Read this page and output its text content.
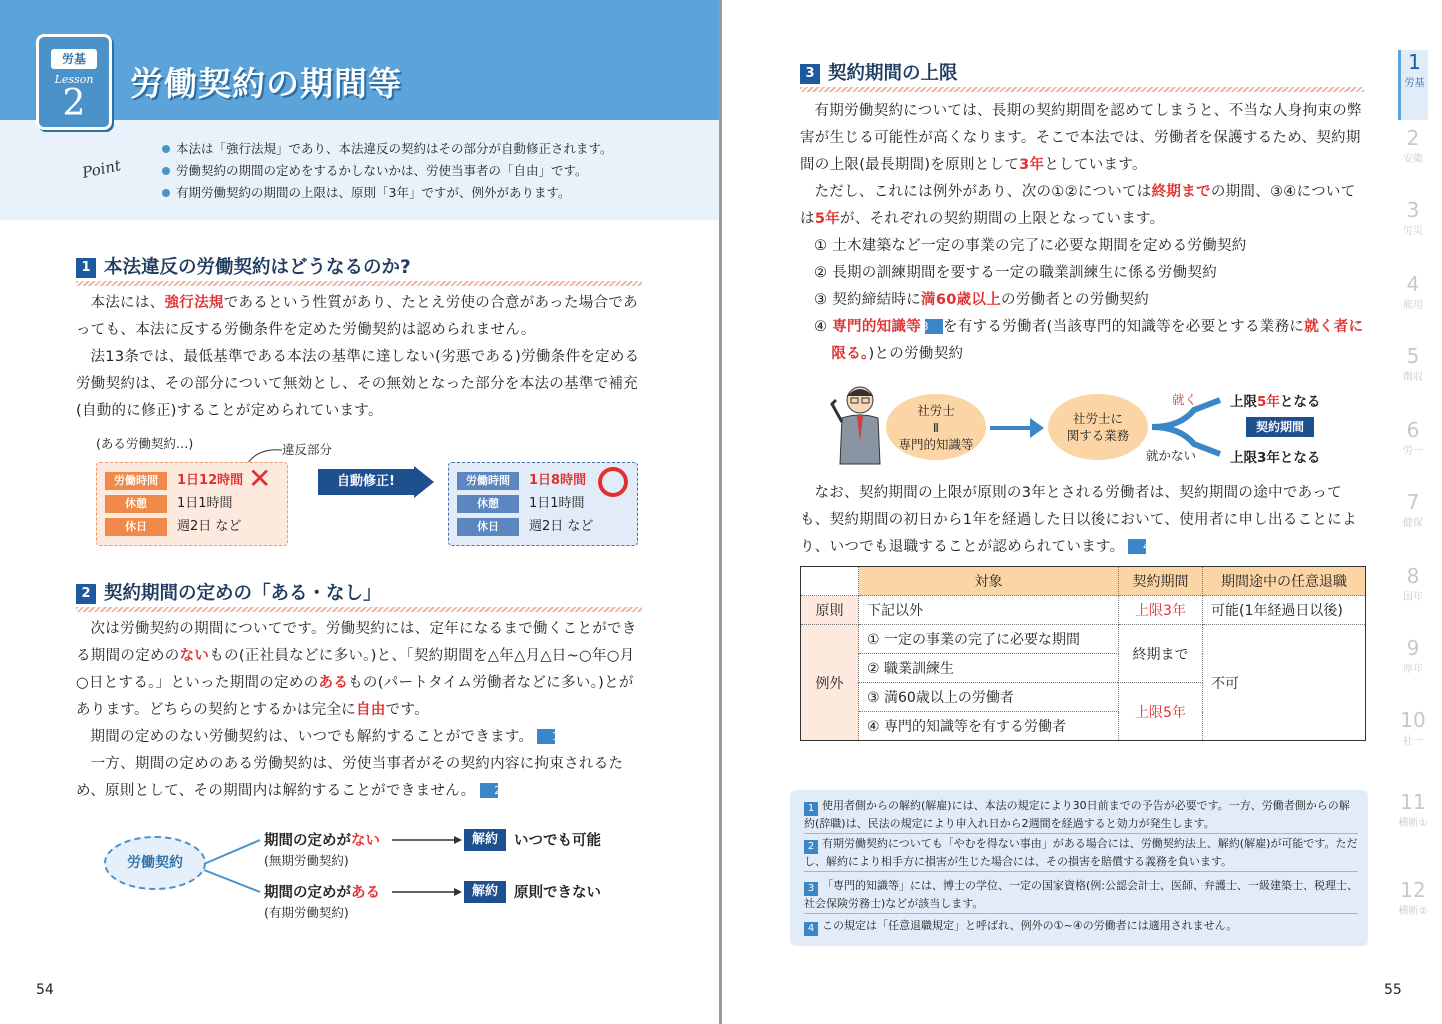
労基
Lesson
2	労働契約の期間等
Point
本法は「強行法規」であり、本法違反の契約はその部分が自動修正されます。
労働契約の期間の定めをするかしないかは、労使当事者の「自由」です。
有期労働契約の期間の上限は、原則「3年」ですが、例外があります。
1 本法違反の労働契約はどうなるのか?

本法には、強行法規であるという性質があり、たとえ労使の合意があった場合であっても、本法に反する労働条件を定めた労働契約は認められません。

法13条では、最低基準である本法の基準に達しない(劣悪である)労働条件を定める労働契約は、その部分について無効とし、その無効となった部分を本法の基準で補充(自動的に修正)することが定められています。

(ある労働契約…)	違反部分
労働時間 1日12時間
休憩 1日1時間
休日 週2日 など
✕	自動修正!	労働時間 1日8時間
休憩 1日1時間
休日 週2日 など
2 契約期間の定めの「ある・なし」

次は労働契約の期間についてです。労働契約には、定年になるまで働くことができる期間の定めのないもの(正社員などに多い。)と、「契約期間を△年△月△日~○年○月○日とする。」といった期間の定めのあるもの(パートタイム労働者などに多い。)とがあります。どちらの契約とするかは完全に自由です。

期間の定めのない労働契約は、いつでも解約することができます。 1

一方、期間の定めのある労働契約は、労使当事者がその契約内容に拘束されるため、原則として、その期間内は解約することができません。 2

労働契約
期間の定めがない
(無期労働契約)
解約	いつでも可能
期間の定めがある
(有期労働契約)
解約	原則できない
54
3 契約期間の上限

有期労働契約については、長期の契約期間を認めてしまうと、不当な人身拘束の弊害が生じる可能性が高くなります。そこで本法では、労働者を保護するため、契約期間の上限(最長期間)を原則として3年としています。

ただし、これには例外があり、次の①②については終期までの期間、③④については5年が、それぞれの契約期間の上限となっています。

① 土木建築など一定の事業の完了に必要な期間を定める労働契約
② 長期の訓練期間を要する一定の職業訓練生に係る労働契約
③ 契約締結時に満60歳以上の労働者との労働契約
④ 専門的知識等3 を有する労働者(当該専門的知識等を必要とする業務に就く者に限る。)との労働契約
社労士
Ⅱ
専門的知識等
社労士に
関する業務
就く 上限5年となる
契約期間
就かない	上限3年となる

なお、契約期間の上限が原則の3年とされる労働者は、契約期間の途中であっても、契約期間の初日から1年を経過した日以後において、使用者に申し出ることにより、いつでも退職することが認められています。 4

	対象	契約期間	期間途中の任意退職
原則	下記以外	上限3年	可能(1年経過日以後)
例外	① 一定の事業の完了に必要な期間	終期まで	不可
	② 職業訓練生		
	③ 満60歳以上の労働者	上限5年	
	④ 専門的知識等を有する労働者		
1 使用者側からの解約(解雇)には、本法の規定により30日前までの予告が必要です。一方、労働者側からの解約(辞職)は、民法の規定により申入れ日から2週間を経過すると効力が発生します。
2 有期労働契約についても「やむを得ない事由」がある場合には、労働契約法上、解約(解雇)が可能です。ただし、解約により相手方に損害が生じた場合には、その損害を賠償する義務を負います。
3 「専門的知識等」には、博士の学位、一定の国家資格(例:公認会計士、医師、弁護士、一級建築士、税理士、社会保険労務士)などが該当します。
4 この規定は「任意退職規定」と呼ばれ、例外の①~④の労働者には適用されません。
1
労基
2
安衛
3
労災
4
雇用
5
徴収
6
労一
7
健保
8
国年
9
厚年
10
社一
11
横断①
12
横断②
55
